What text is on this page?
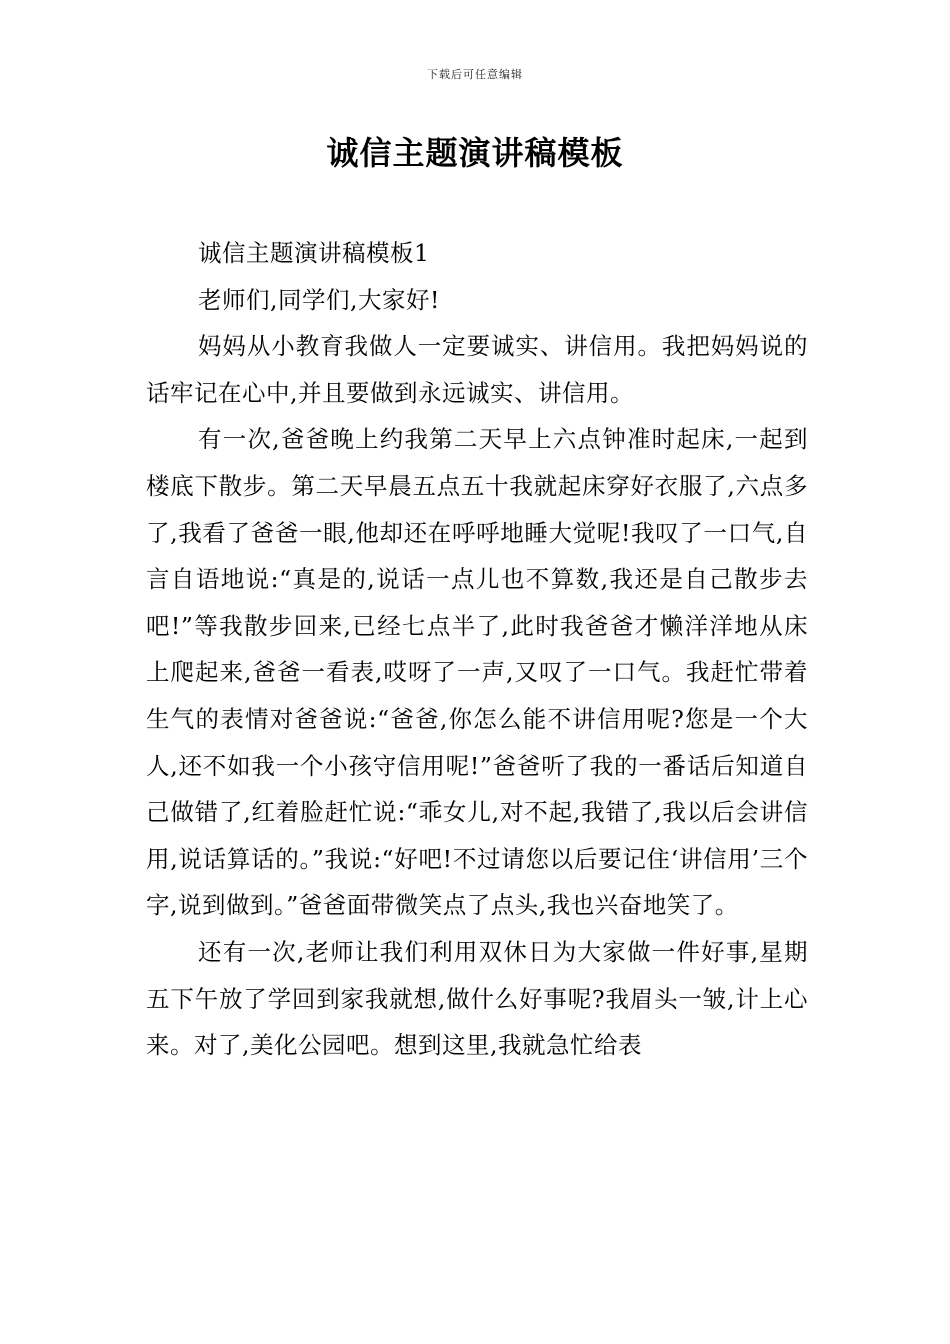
下载后可任意编辑
诚信主题演讲稿模板

诚信主题演讲稿模板1

老师们,同学们,大家好!

妈妈从小教育我做人一定要诚实、讲信用。我把妈妈说的话牢记在心中,并且要做到永远诚实、讲信用。

有一次,爸爸晚上约我第二天早上六点钟准时起床,一起到楼底下散步。第二天早晨五点五十我就起床穿好衣服了,六点多了,我看了爸爸一眼,他却还在呼呼地睡大觉呢!我叹了一口气,自言自语地说:“真是的,说话一点儿也不算数,我还是自己散步去吧!”等我散步回来,已经七点半了,此时我爸爸才懒洋洋地从床上爬起来,爸爸一看表,哎呀了一声,又叹了一口气。我赶忙带着生气的表情对爸爸说:“爸爸,你怎么能不讲信用呢?您是一个大人,还不如我一个小孩守信用呢!”爸爸听了我的一番话后知道自己做错了,红着脸赶忙说:“乖女儿,对不起,我错了,我以后会讲信用,说话算话的。”我说:“好吧!不过请您以后要记住‘讲信用’三个字,说到做到。”爸爸面带微笑点了点头,我也兴奋地笑了。

还有一次,老师让我们利用双休日为大家做一件好事,星期五下午放了学回到家我就想,做什么好事呢?我眉头一皱,计上心来。对了,美化公园吧。想到这里,我就急忙给表
